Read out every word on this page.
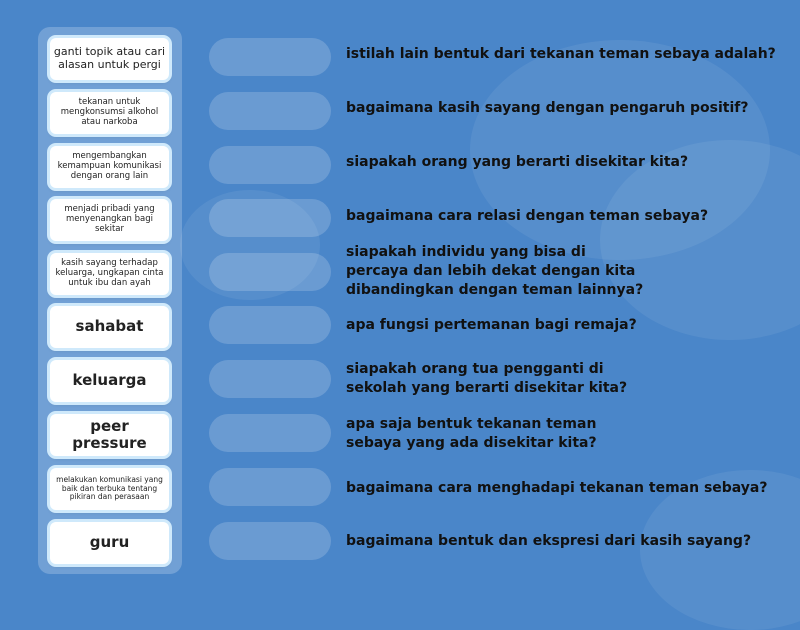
ganti topik atau cari alasan untuk pergi
tekanan untuk mengkonsumsi alkohol atau narkoba
mengembangkan kemampuan komunikasi dengan orang lain
menjadi pribadi yang menyenangkan bagi sekitar
kasih sayang terhadap keluarga, ungkapan cinta untuk ibu dan ayah
sahabat
keluarga
peer pressure
melakukan komunikasi yang baik dan terbuka tentang pikiran dan perasaan
guru
istilah lain bentuk dari tekanan teman sebaya adalah?
bagaimana kasih sayang dengan pengaruh positif?
siapakah orang yang berarti disekitar kita?
bagaimana cara relasi dengan teman sebaya?
siapakah individu yang bisa di
percaya dan lebih dekat dengan kita
dibandingkan dengan teman lainnya?
apa fungsi pertemanan bagi remaja?
siapakah orang tua pengganti di
sekolah yang berarti disekitar kita?
apa saja bentuk tekanan teman
sebaya yang ada disekitar kita?
bagaimana cara menghadapi tekanan teman sebaya?
bagaimana bentuk dan ekspresi dari kasih sayang?
